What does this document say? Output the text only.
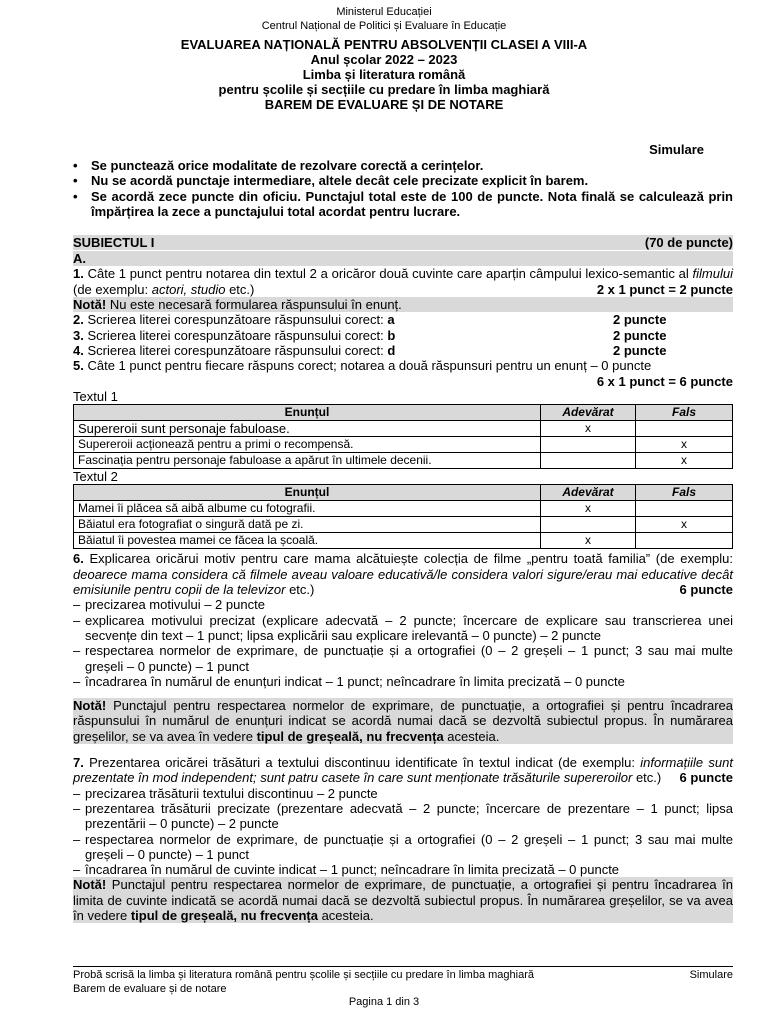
Ministerul Educației
Centrul Național de Politici și Evaluare în Educație
EVALUAREA NAȚIONALĂ PENTRU ABSOLVENȚII CLASEI A VIII-A
Anul școlar 2022 – 2023
Limba și literatura română
pentru școlile și secțiile cu predare în limba maghiară
BAREM DE EVALUARE ȘI DE NOTARE
Simulare
•	Se punctează orice modalitate de rezolvare corectă a cerințelor.
•	Nu se acordă punctaje intermediare, altele decât cele precizate explicit în barem.
•	Se acordă zece puncte din oficiu. Punctajul total este de 100 de puncte. Nota finală se calculează prin împărțirea la zece a punctajului total acordat pentru lucrare.
SUBIECTUL I	(70 de puncte)
A.
1. Câte 1 punct pentru notarea din textul 2 a oricăror două cuvinte care aparțin câmpului lexico-semantic al filmului (de exemplu: actori, studio etc.)	2 x 1 punct = 2 puncte
Notă! Nu este necesară formularea răspunsului în enunț.
2. Scrierea literei corespunzătoare răspunsului corect: a	2 puncte
3. Scrierea literei corespunzătoare răspunsului corect: b	2 puncte
4. Scrierea literei corespunzătoare răspunsului corect: d	2 puncte
5. Câte 1 punct pentru fiecare răspuns corect; notarea a două răspunsuri pentru un enunț – 0 puncte
6 x 1 punct = 6 puncte
Textul 1
Enunțul	Adevărat	Fals
Supereroii sunt personaje fabuloase.	x	
Supereroii acționează pentru a primi o recompensă.		x
Fascinația pentru personaje fabuloase a apărut în ultimele decenii.		x
Textul 2
Enunțul	Adevărat	Fals
Mamei îi plăcea să aibă albume cu fotografii.	x	
Băiatul era fotografiat o singură dată pe zi.		x
Băiatul îi povestea mamei ce făcea la școală.	x	
6. Explicarea oricărui motiv pentru care mama alcătuiește colecția de filme „pentru toată familia” (de exemplu: deoarece mama considera că filmele aveau valoare educativă/le considera valori sigure/erau mai educative decât emisiunile pentru copii de la televizor etc.)	6 puncte
– precizarea motivului – 2 puncte
– explicarea motivului precizat (explicare adecvată – 2 puncte; încercare de explicare sau transcrierea unei secvențe din text – 1 punct; lipsa explicării sau explicare irelevantă – 0 puncte) – 2 puncte
– respectarea normelor de exprimare, de punctuație și a ortografiei (0 – 2 greșeli – 1 punct; 3 sau mai multe greșeli – 0 puncte) – 1 punct
– încadrarea în numărul de enunțuri indicat – 1 punct; neîncadrare în limita precizată – 0 puncte
Notă! Punctajul pentru respectarea normelor de exprimare, de punctuație, a ortografiei și pentru încadrarea răspunsului în numărul de enunțuri indicat se acordă numai dacă se dezvoltă subiectul propus. În numărarea greșelilor, se va avea în vedere tipul de greșeală, nu frecvența acesteia.
7. Prezentarea oricărei trăsături a textului discontinuu identificate în textul indicat (de exemplu: informațiile sunt prezentate în mod independent; sunt patru casete în care sunt menționate trăsăturile supereroilor etc.) 6 puncte
– precizarea trăsăturii textului discontinuu – 2 puncte
– prezentarea trăsăturii precizate (prezentare adecvată – 2 puncte; încercare de prezentare – 1 punct; lipsa prezentării – 0 puncte) – 2 puncte
– respectarea normelor de exprimare, de punctuație și a ortografiei (0 – 2 greșeli – 1 punct; 3 sau mai multe greșeli – 0 puncte) – 1 punct
– încadrarea în numărul de cuvinte indicat – 1 punct; neîncadrare în limita precizată – 0 puncte
Notă! Punctajul pentru respectarea normelor de exprimare, de punctuație, a ortografiei și pentru încadrarea în limita de cuvinte indicată se acordă numai dacă se dezvoltă subiectul propus. În numărarea greșelilor, se va avea în vedere tipul de greșeală, nu frecvența acesteia.
Probă scrisă la limba și literatura română pentru școlile și secțiile cu predare în limba maghiară	Simulare
Barem de evaluare și de notare
Pagina 1 din 3
